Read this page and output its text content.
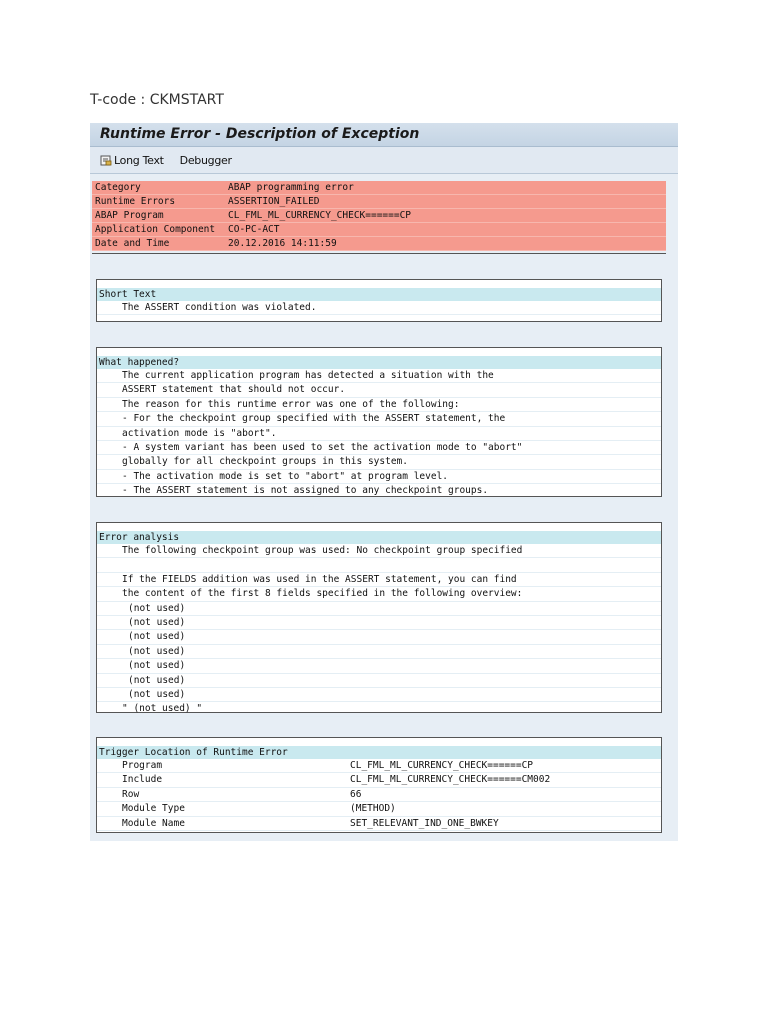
T-code : CKMSTART
Runtime Error - Description of Exception
Long Text Debugger
Category	ABAP programming error
Runtime Errors	ASSERTION_FAILED
ABAP Program	CL_FML_ML_CURRENCY_CHECK======CP
Application Component	CO-PC-ACT
Date and Time	20.12.2016 14:11:59
Short Text
The ASSERT condition was violated.
What happened?
The current application program has detected a situation with the
ASSERT statement that should not occur.
The reason for this runtime error was one of the following:
- For the checkpoint group specified with the ASSERT statement, the
activation mode is "abort".
- A system variant has been used to set the activation mode to "abort"
globally for all checkpoint groups in this system.
- The activation mode is set to "abort" at program level.
- The ASSERT statement is not assigned to any checkpoint groups.
Error analysis
The following checkpoint group was used: No checkpoint group specified
If the FIELDS addition was used in the ASSERT statement, you can find
the content of the first 8 fields specified in the following overview:
(not used)
(not used)
(not used)
(not used)
(not used)
(not used)
(not used)
" (not used) "
Trigger Location of Runtime Error
Program	CL_FML_ML_CURRENCY_CHECK======CP
Include	CL_FML_ML_CURRENCY_CHECK======CM002
Row	66
Module Type	(METHOD)
Module Name	SET_RELEVANT_IND_ONE_BWKEY
